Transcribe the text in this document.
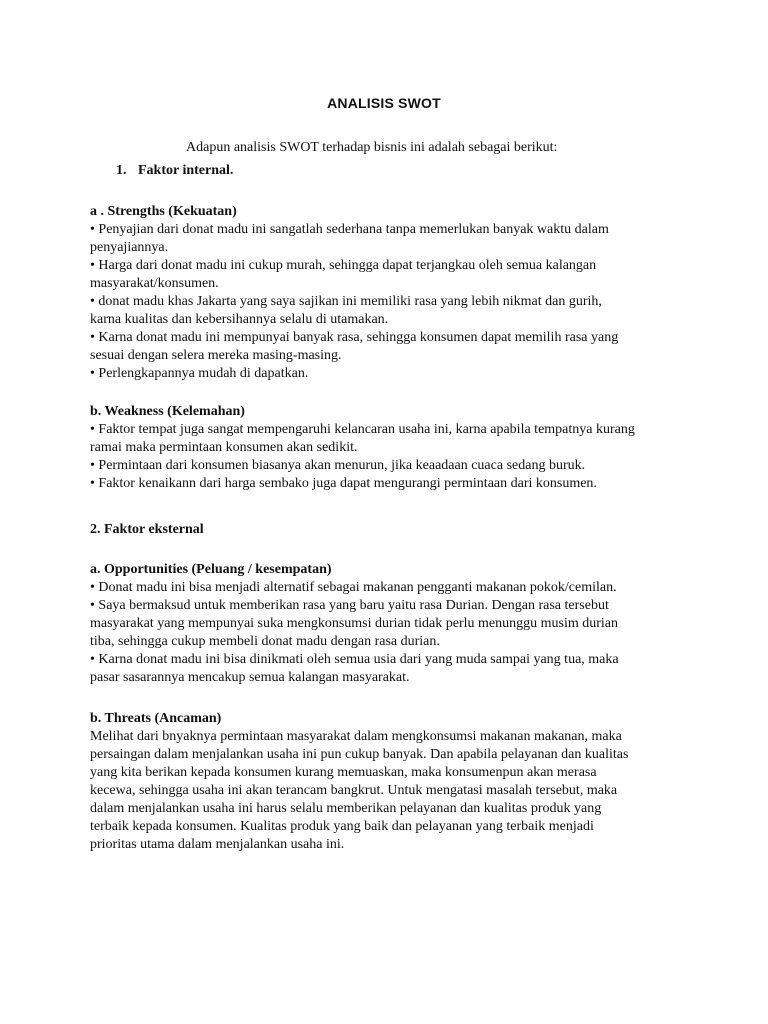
ANALISIS SWOT
Adapun analisis SWOT terhadap bisnis ini adalah sebagai berikut:
1. Faktor internal.
a . Strengths (Kekuatan)
• Penyajian dari donat madu ini sangatlah sederhana tanpa memerlukan banyak waktu dalam
penyajiannya.
• Harga dari donat madu ini cukup murah, sehingga dapat terjangkau oleh semua kalangan
masyarakat/konsumen.
• donat madu khas Jakarta yang saya sajikan ini memiliki rasa yang lebih nikmat dan gurih,
karna kualitas dan kebersihannya selalu di utamakan.
• Karna donat madu ini mempunyai banyak rasa, sehingga konsumen dapat memilih rasa yang
sesuai dengan selera mereka masing-masing.
• Perlengkapannya mudah di dapatkan.
b. Weakness (Kelemahan)
• Faktor tempat juga sangat mempengaruhi kelancaran usaha ini, karna apabila tempatnya kurang
ramai maka permintaan konsumen akan sedikit.
• Permintaan dari konsumen biasanya akan menurun, jika keaadaan cuaca sedang buruk.
• Faktor kenaikann dari harga sembako juga dapat mengurangi permintaan dari konsumen.
2. Faktor eksternal
a. Opportunities (Peluang / kesempatan)
• Donat madu ini bisa menjadi alternatif sebagai makanan pengganti makanan pokok/cemilan.
• Saya bermaksud untuk memberikan rasa yang baru yaitu rasa Durian. Dengan rasa tersebut
masyarakat yang mempunyai suka mengkonsumsi durian tidak perlu menunggu musim durian
tiba, sehingga cukup membeli donat madu dengan rasa durian.
• Karna donat madu ini bisa dinikmati oleh semua usia dari yang muda sampai yang tua, maka
pasar sasarannya mencakup semua kalangan masyarakat.
b. Threats (Ancaman)
Melihat dari bnyaknya permintaan masyarakat dalam mengkonsumsi makanan makanan, maka
persaingan dalam menjalankan usaha ini pun cukup banyak. Dan apabila pelayanan dan kualitas
yang kita berikan kepada konsumen kurang memuaskan, maka konsumenpun akan merasa
kecewa, sehingga usaha ini akan terancam bangkrut. Untuk mengatasi masalah tersebut, maka
dalam menjalankan usaha ini harus selalu memberikan pelayanan dan kualitas produk yang
terbaik kepada konsumen. Kualitas produk yang baik dan pelayanan yang terbaik menjadi
prioritas utama dalam menjalankan usaha ini.
